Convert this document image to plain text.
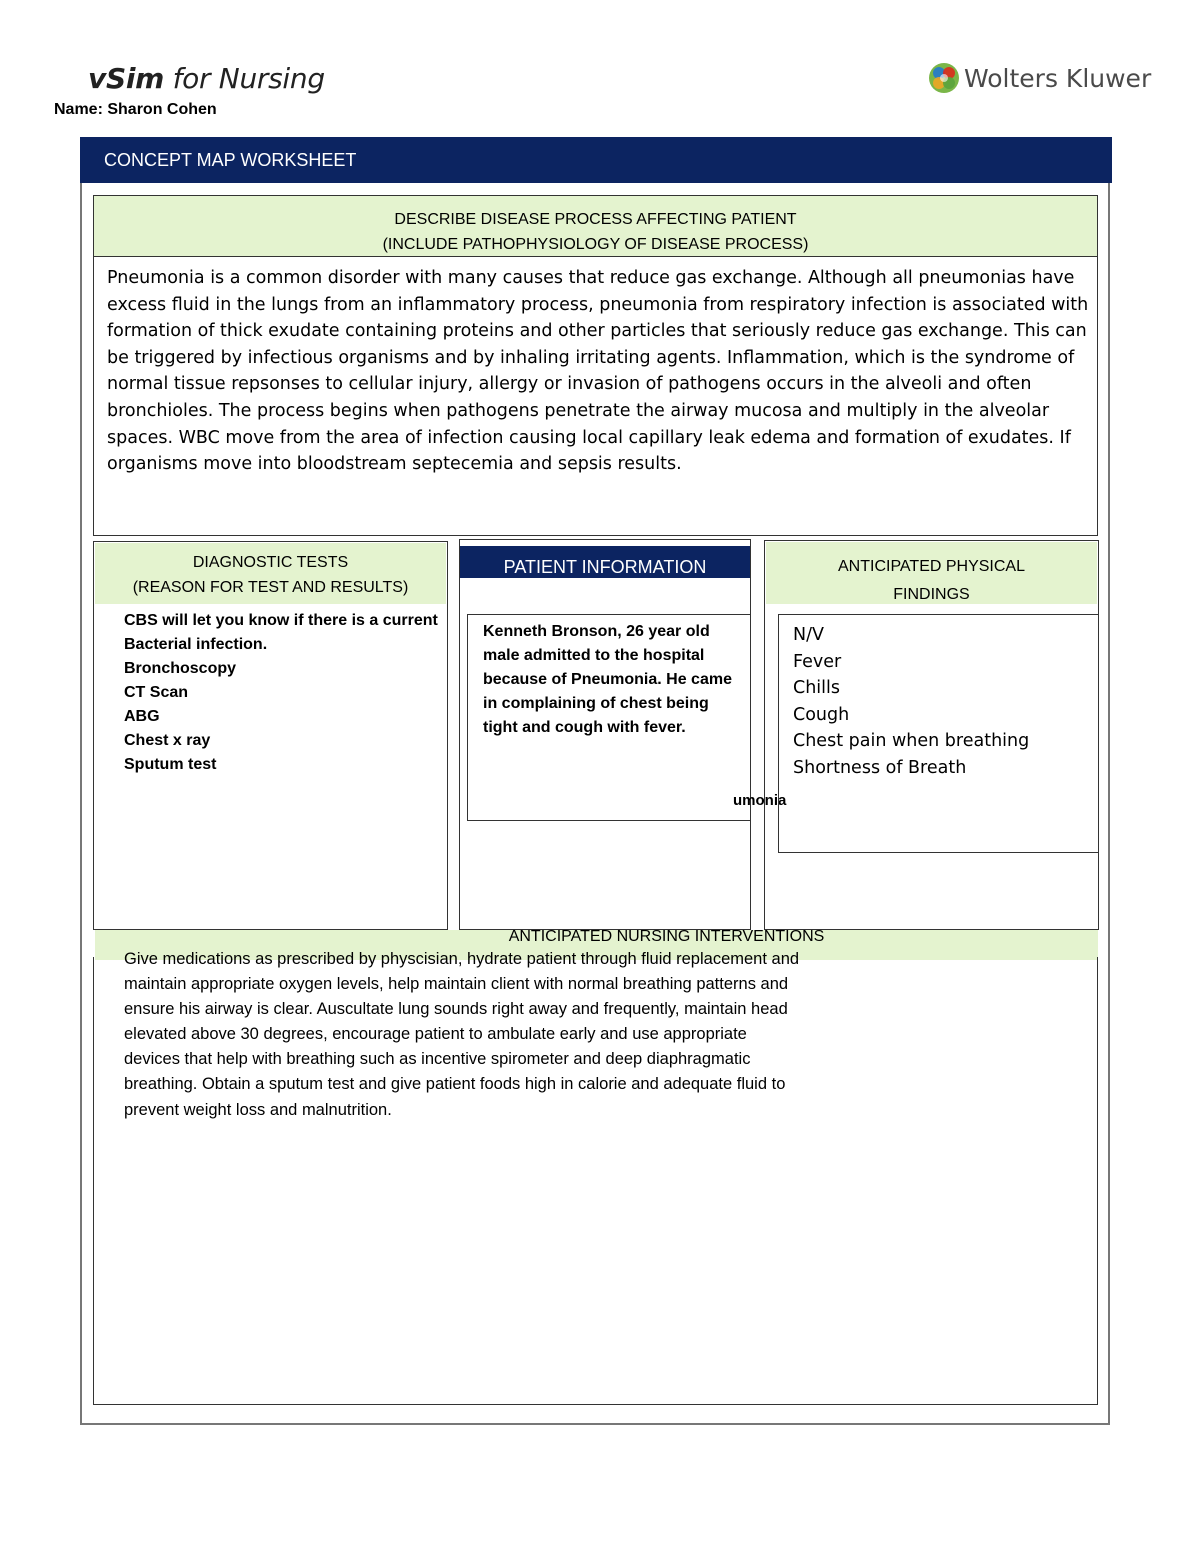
vSim for Nursing
Name: Sharon Cohen
Wolters Kluwer
CONCEPT MAP WORKSHEET
DESCRIBE DISEASE PROCESS AFFECTING PATIENT
(INCLUDE PATHOPHYSIOLOGY OF DISEASE PROCESS)
Pneumonia is a common disorder with many causes that reduce gas exchange. Although all pneumonias have excess fluid in the lungs from an inflammatory process, pneumonia from respiratory infection is associated with formation of thick exudate containing proteins and other particles that seriously reduce gas exchange. This can be triggered by infectious organisms and by inhaling irritating agents. Inflammation, which is the syndrome of normal tissue repsonses to cellular injury, allergy or invasion of pathogens occurs in the alveoli and often bronchioles. The process begins when pathogens penetrate the airway mucosa and multiply in the alveolar spaces. WBC move from the area of infection causing local capillary leak edema and formation of exudates. If organisms move into bloodstream septecemia and sepsis results.
DIAGNOSTIC TESTS
(REASON FOR TEST AND RESULTS)
CBS will let you know if there is a current
Bacterial infection.
Bronchoscopy
CT Scan
ABG
Chest x ray
Sputum test
PATIENT INFORMATION
Kenneth Bronson, 26 year old male admitted to the hospital because of Pneumonia. He came in complaining of chest being tight and cough with fever.
umonia
ANTICIPATED PHYSICAL
FINDINGS
N/V
Fever
Chills
Cough
Chest pain when breathing
Shortness of Breath
ANTICIPATED NURSING INTERVENTIONS
Give medications as prescribed by physcisian, hydrate patient through fluid replacement and maintain appropriate oxygen levels, help maintain client with normal breathing patterns and ensure his airway is clear. Auscultate lung sounds right away and frequently, maintain head elevated above 30 degrees, encourage patient to ambulate early and use appropriate devices that help with breathing such as incentive spirometer and deep diaphragmatic breathing. Obtain a sputum test and give patient foods high in calorie and adequate fluid to prevent weight loss and malnutrition.
